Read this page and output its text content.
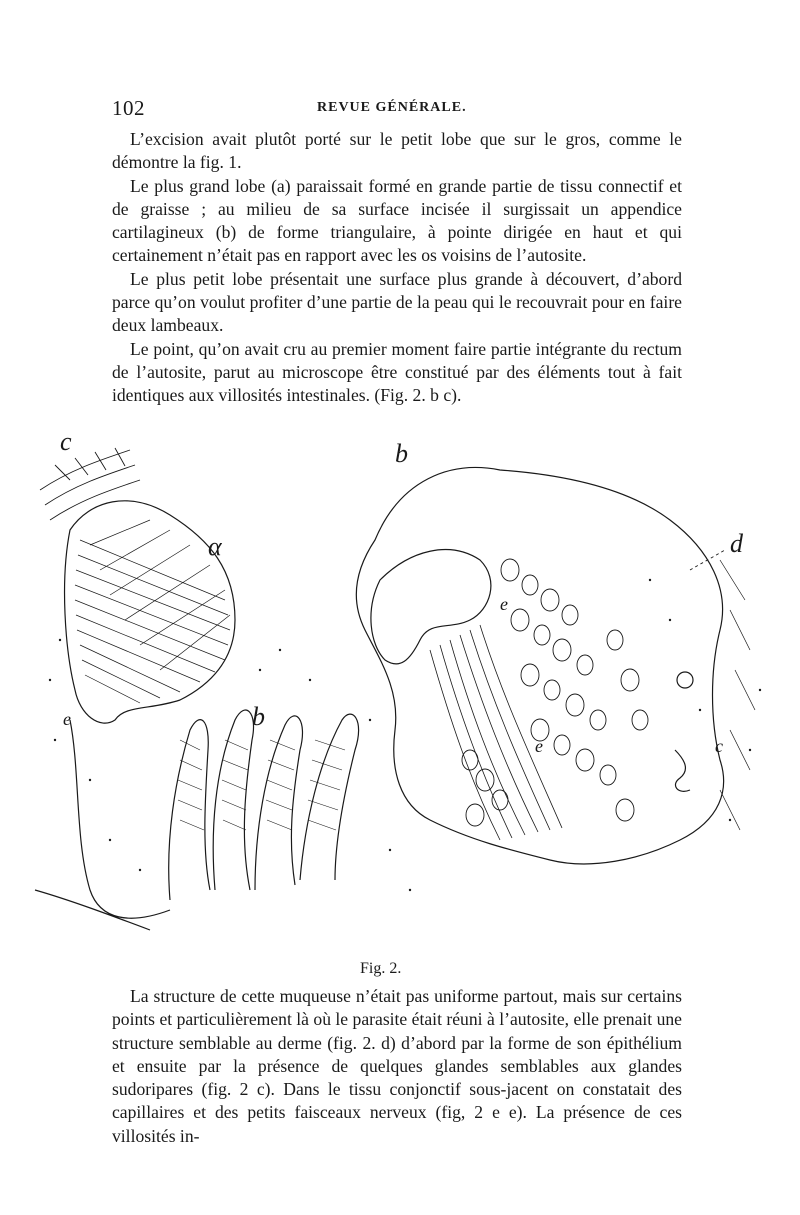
102	REVUE GÉNÉRALE.

L’excision avait plutôt porté sur le petit lobe que sur le gros, comme le démontre la fig. 1.

Le plus grand lobe (a) paraissait formé en grande partie de tissu connectif et de graisse ; au milieu de sa surface incisée il surgissait un appendice cartilagineux (b) de forme triangulaire, à pointe dirigée en haut et qui certainement n’était pas en rapport avec les os voisins de l’autosite.

Le plus petit lobe présentait une surface plus grande à découvert, d’abord parce qu’on voulut profiter d’une partie de la peau qui le recouvrait pour en faire deux lambeaux.

Le point, qu’on avait cru au premier moment faire partie intégrante du rectum de l’autosite, parut au microscope être constitué par des éléments tout à fait identiques aux villosités intestinales. (Fig. 2. b c).

c	b
α	d
e
b
e
c
e
Fig. 2.

La structure de cette muqueuse n’était pas uniforme partout, mais sur certains points et particulièrement là où le parasite était réuni à l’autosite, elle prenait une structure semblable au derme (fig. 2. d) d’abord par la forme de son épithélium et ensuite par la présence de quelques glandes semblables aux glandes sudoripares (fig. 2 c). Dans le tissu conjonctif sous-jacent on constatait des capillaires et des petits faisceaux nerveux (fig, 2 e e). La présence de ces villosités in-
